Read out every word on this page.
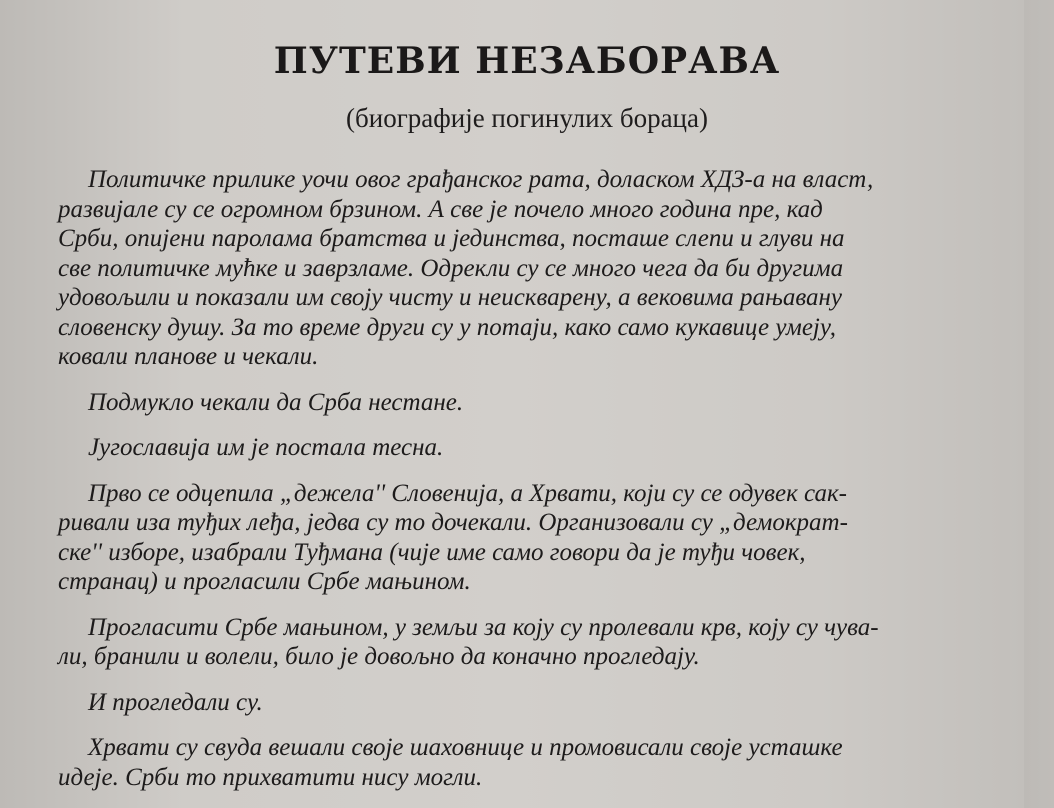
ПУТЕВИ НЕЗАБОРАВА
(биографије погинулих бораца)
Политичке прилике уочи овог грађанског рата, доласком ХДЗ-а на власт,
развијале су се огромном брзином. А све је почело много година пре, кад
Срби, опијени паролама братства и јединства, посташе слепи и глуви на
све политичке мућке и заврзламе. Одрекли су се много чега да би другима
удовољили и показали им своју чисту и неискварену, а вековима рањавану
словенску душу. За то време други су у потаји, како само кукавице умеју,
ковали планове и чекали.
Подмукло чекали да Срба нестане.
Југославија им је постала тесна.
Прво се одцепила „дежела'' Словенија, а Хрвати, који су се одувек сак-
ривали иза туђих леђа, једва су то дочекали. Организовали су „демократ-
ске'' изборе, изабрали Туђмана (чије име само говори да је туђи човек,
странац) и прогласили Србе мањином.
Прогласити Србе мањином, у земљи за коју су пролевали крв, коју су чува-
ли, бранили и волели, било је довољно да коначно прогледају.
И прогледали су.
Хрвати су свуда вешали своје шаховнице и промовисали своје усташке
идеје. Срби то прихватити нису могли.
